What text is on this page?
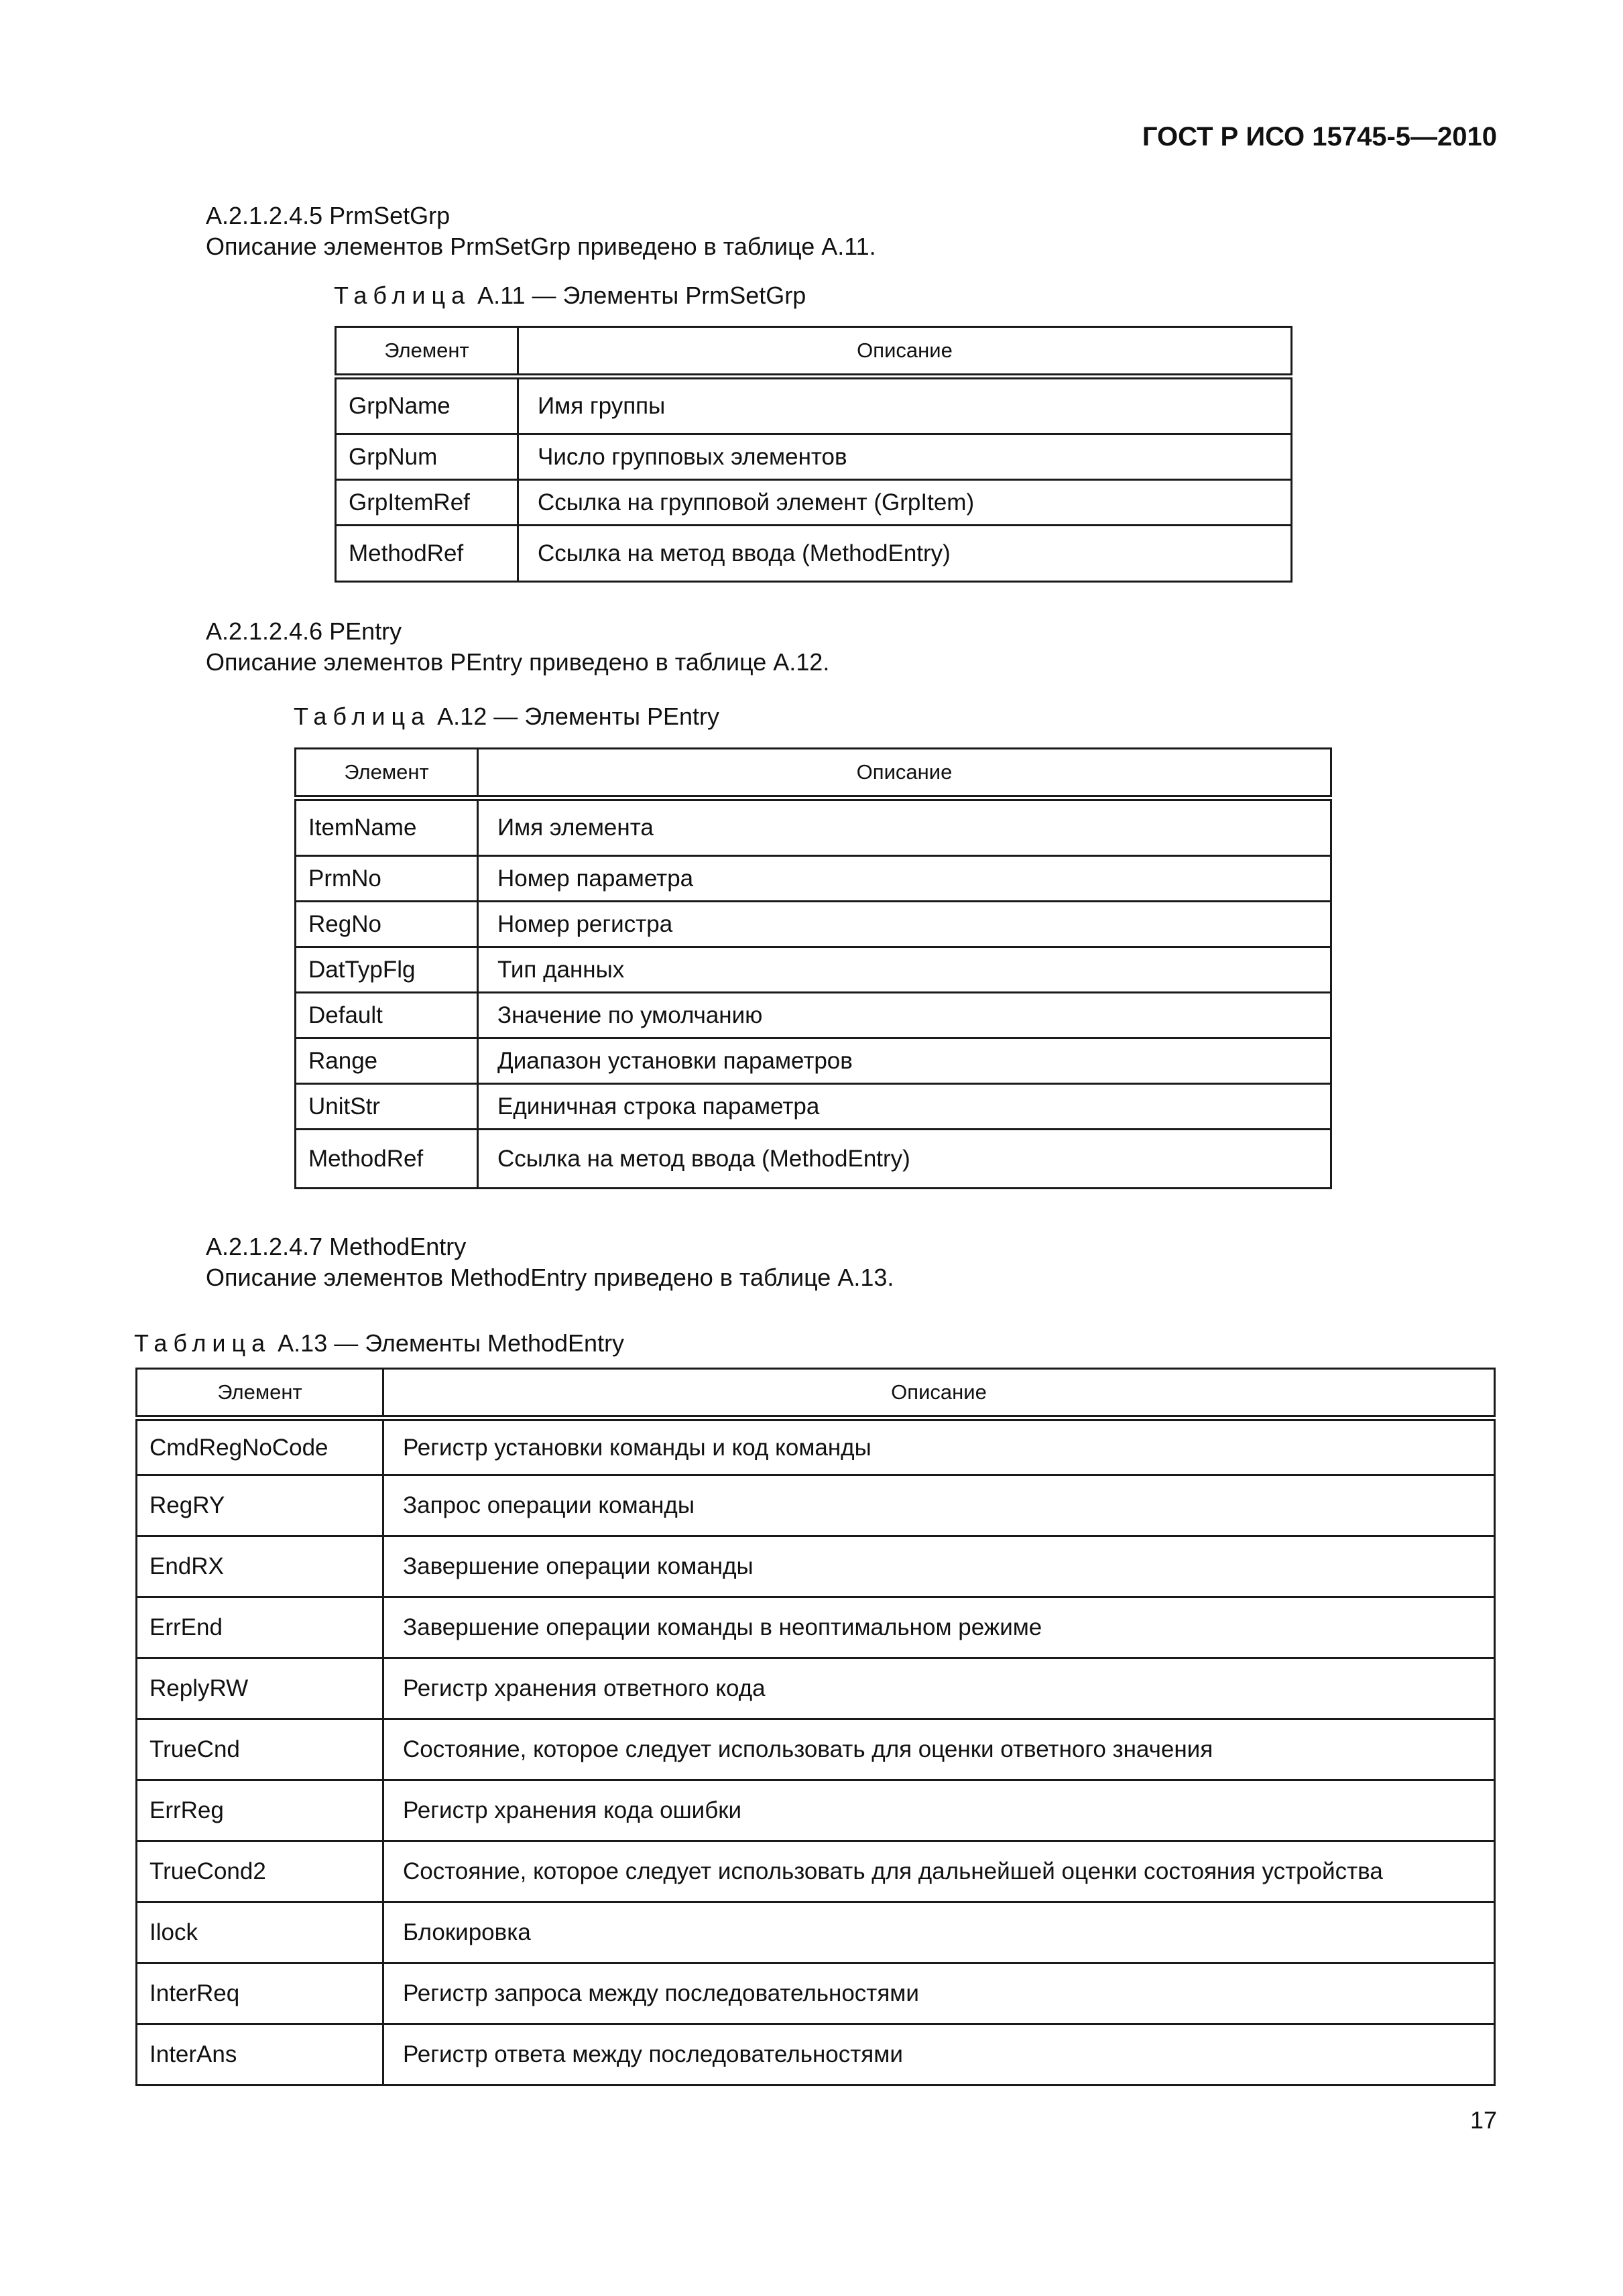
ГОСТ Р ИСО 15745-5—2010
A.2.1.2.4.5 PrmSetGrp
Описание элементов PrmSetGrp приведено в таблице A.11.
Таблица A.11 — Элементы PrmSetGrp
Элемент	Описание
GrpName	Имя группы
GrpNum	Число групповых элементов
GrpItemRef	Ссылка на групповой элемент (GrpItem)
MethodRef	Ссылка на метод ввода (MethodEntry)
A.2.1.2.4.6 PEntry
Описание элементов PEntry приведено в таблице A.12.
Таблица A.12 — Элементы PEntry
Элемент	Описание
ItemName	Имя элемента
PrmNo	Номер параметра
RegNo	Номер регистра
DatTypFlg	Тип данных
Default	Значение по умолчанию
Range	Диапазон установки параметров
UnitStr	Единичная строка параметра
MethodRef	Ссылка на метод ввода (MethodEntry)
A.2.1.2.4.7 MethodEntry
Описание элементов MethodEntry приведено в таблице A.13.
Таблица A.13 — Элементы MethodEntry
Элемент	Описание
CmdRegNoCode	Регистр установки команды и код команды
RegRY	Запрос операции команды
EndRX	Завершение операции команды
ErrEnd	Завершение операции команды в неоптимальном режиме
ReplyRW	Регистр хранения ответного кода
TrueCnd	Состояние, которое следует использовать для оценки ответного значения
ErrReg	Регистр хранения кода ошибки
TrueCond2	Состояние, которое следует использовать для дальнейшей оценки состояния устройства
Ilock	Блокировка
InterReq	Регистр запроса между последовательностями
InterAns	Регистр ответа между последовательностями
17
